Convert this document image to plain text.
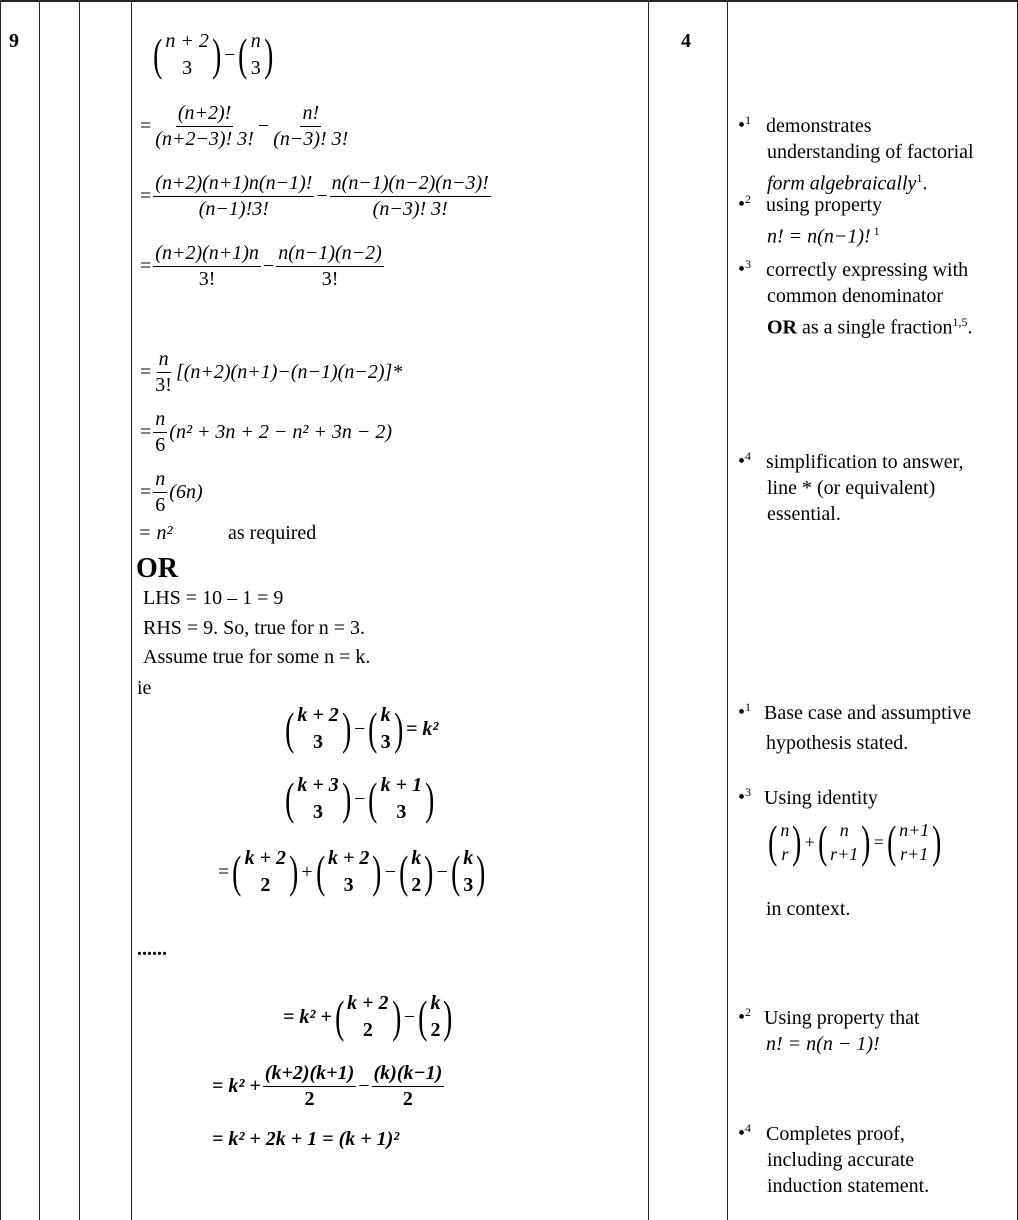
9	4
( n + 2
3 ) − ( n
3 )
= $\frac{(n+2)!}{(n+2-3)! 3!} - \frac{n!}{(n-3)! 3!}$
= $\frac{(n+2)(n+1)n(n-1)!}{(n-1)!3!} - \frac{n(n-1)(n-2)(n-3)!}{(n-3)! 3!}$
= $\frac{(n+2)(n+1)n}{3!} - \frac{n(n-1)(n-2)}{3!}$
= $\frac{n}{3!} [(n+2)(n+1)-(n-1)(n-2)]*$
= $\frac{n}{6} (n^2 + 3n + 2 - n^2 + 3n - 2)$
= $\frac{n}{6} (6n)$
= n²	as required
OR
LHS = 10 – 1 = 9
RHS = 9. So, true for n = 3.
Assume true for some n = k.
ie
( k + 2
3 ) − ( k
3 ) = k²
( k + 3
3 ) − ( k + 1
3 )
= ( k + 2
2 ) + ( k + 2
3 ) − ( k
2 ) − ( k
3 )
......
= k² + ( k + 2
2 ) − ( k
2 )
= $k^2 + \frac{(k+2)(k+1)}{2} - \frac{(k)(k-1)}{2}$
= k² + 2k + 1 = (k + 1)²
•$^1$ demonstrates
understanding of factorial
form algebraically$^1$.
•$^2$ using property
n! = n(n−1)! $^1$
•$^3$ correctly expressing with
common denominator
OR as a single fraction$^{1,5}$.
•$^4$ simplification to answer,
line * (or equivalent)
essential.
•$^1$ Base case and assumptive
hypothesis stated.
•$^3$ Using identity
( n
r ) + ( n
r+1 ) = ( n+1
r+1 )
in context.
•$^2$ Using property that
n! = n(n − 1)!
•$^4$ Completes proof,
including accurate
induction statement.
